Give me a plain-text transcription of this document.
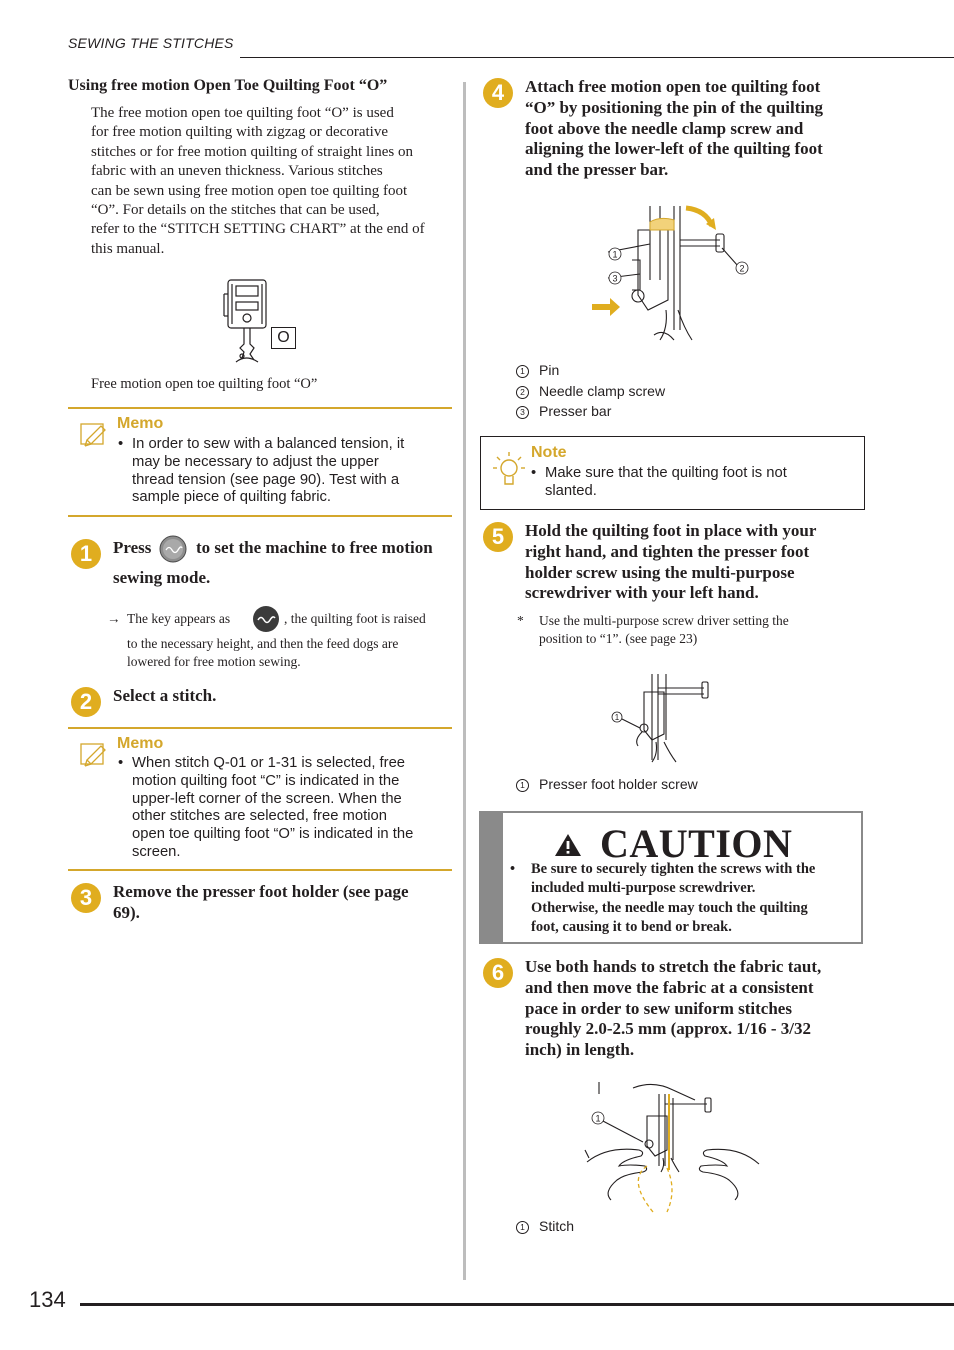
SEWING THE STITCHES
Using free motion Open Toe Quilting Foot “O”
The free motion open toe quilting foot “O” is used
for free motion quilting with zigzag or decorative
stitches or for free motion quilting of straight lines on
fabric with an uneven thickness. Various stitches
can be sewn using free motion open toe quilting foot
“O”. For details on the stitches that can be used,
refer to the “STITCH SETTING CHART” at the end of
this manual.
O
Free motion open toe quilting foot “O”
Memo
• In order to sew with a balanced tension, it
may be necessary to adjust the upper
thread tension (see page 90). Test with a
sample piece of quilting fabric.
1	Press	to set the machine to free motion
sewing mode.
→ The key appears as	, the quilting foot is raised
to the necessary height, and then the feed dogs are
lowered for free motion sewing.
2	Select a stitch.
Memo
• When stitch Q-01 or 1-31 is selected, free
motion quilting foot “C” is indicated in the
upper-left corner of the screen. When the
other stitches are selected, free motion
open toe quilting foot “O” is indicated in the
screen.
3	Remove the presser foot holder (see page
69).
4	Attach free motion open toe quilting foot
“O” by positioning the pin of the quilting
foot above the needle clamp screw and
aligning the lower-left of the quilting foot
and the presser bar.
1
2
3
1 Pin
2 Needle clamp screw
3 Presser bar
Note
• Make sure that the quilting foot is not
slanted.
5	Hold the quilting foot in place with your
right hand, and tighten the presser foot
holder screw using the multi-purpose
screwdriver with your left hand.
* Use the multi-purpose screw driver setting the
position to “1”. (see page 23)
1
1 Presser foot holder screw
CAUTION
•	Be sure to securely tighten the screws with the
included multi-purpose screwdriver.
Otherwise, the needle may touch the quilting
foot, causing it to bend or break.
6	Use both hands to stretch the fabric taut,
and then move the fabric at a consistent
pace in order to sew uniform stitches
roughly 2.0-2.5 mm (approx. 1/16 - 3/32
inch) in length.
1
1 Stitch
134
